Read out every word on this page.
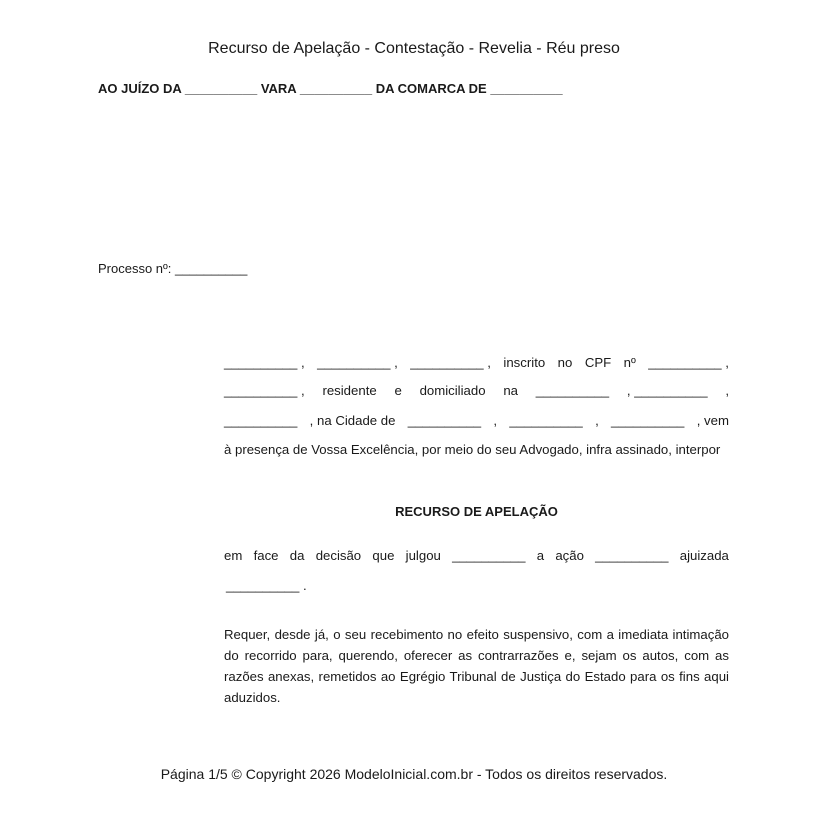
Recurso de Apelação - Contestação - Revelia - Réu preso
AO JUÍZO DA __________ VARA __________ DA COMARCA DE __________
Processo nº: __________
__________ , __________ , __________ , inscrito no CPF nº __________ ,
__________ , residente e domiciliado na __________ , __________ ,
__________ , na Cidade de __________ , __________ , __________ , vem
à presença de Vossa Excelência, por meio do seu Advogado, infra assinado, interpor
RECURSO DE APELAÇÃO
em face da decisão que julgou __________ a ação __________ ajuizada
__________ .
Requer, desde já, o seu recebimento no efeito suspensivo, com a imediata intimação do recorrido para, querendo, oferecer as contrarrazões e, sejam os autos, com as razões anexas, remetidos ao Egrégio Tribunal de Justiça do Estado para os fins aqui aduzidos.
Página 1/5 © Copyright 2026 ModeloInicial.com.br - Todos os direitos reservados.
